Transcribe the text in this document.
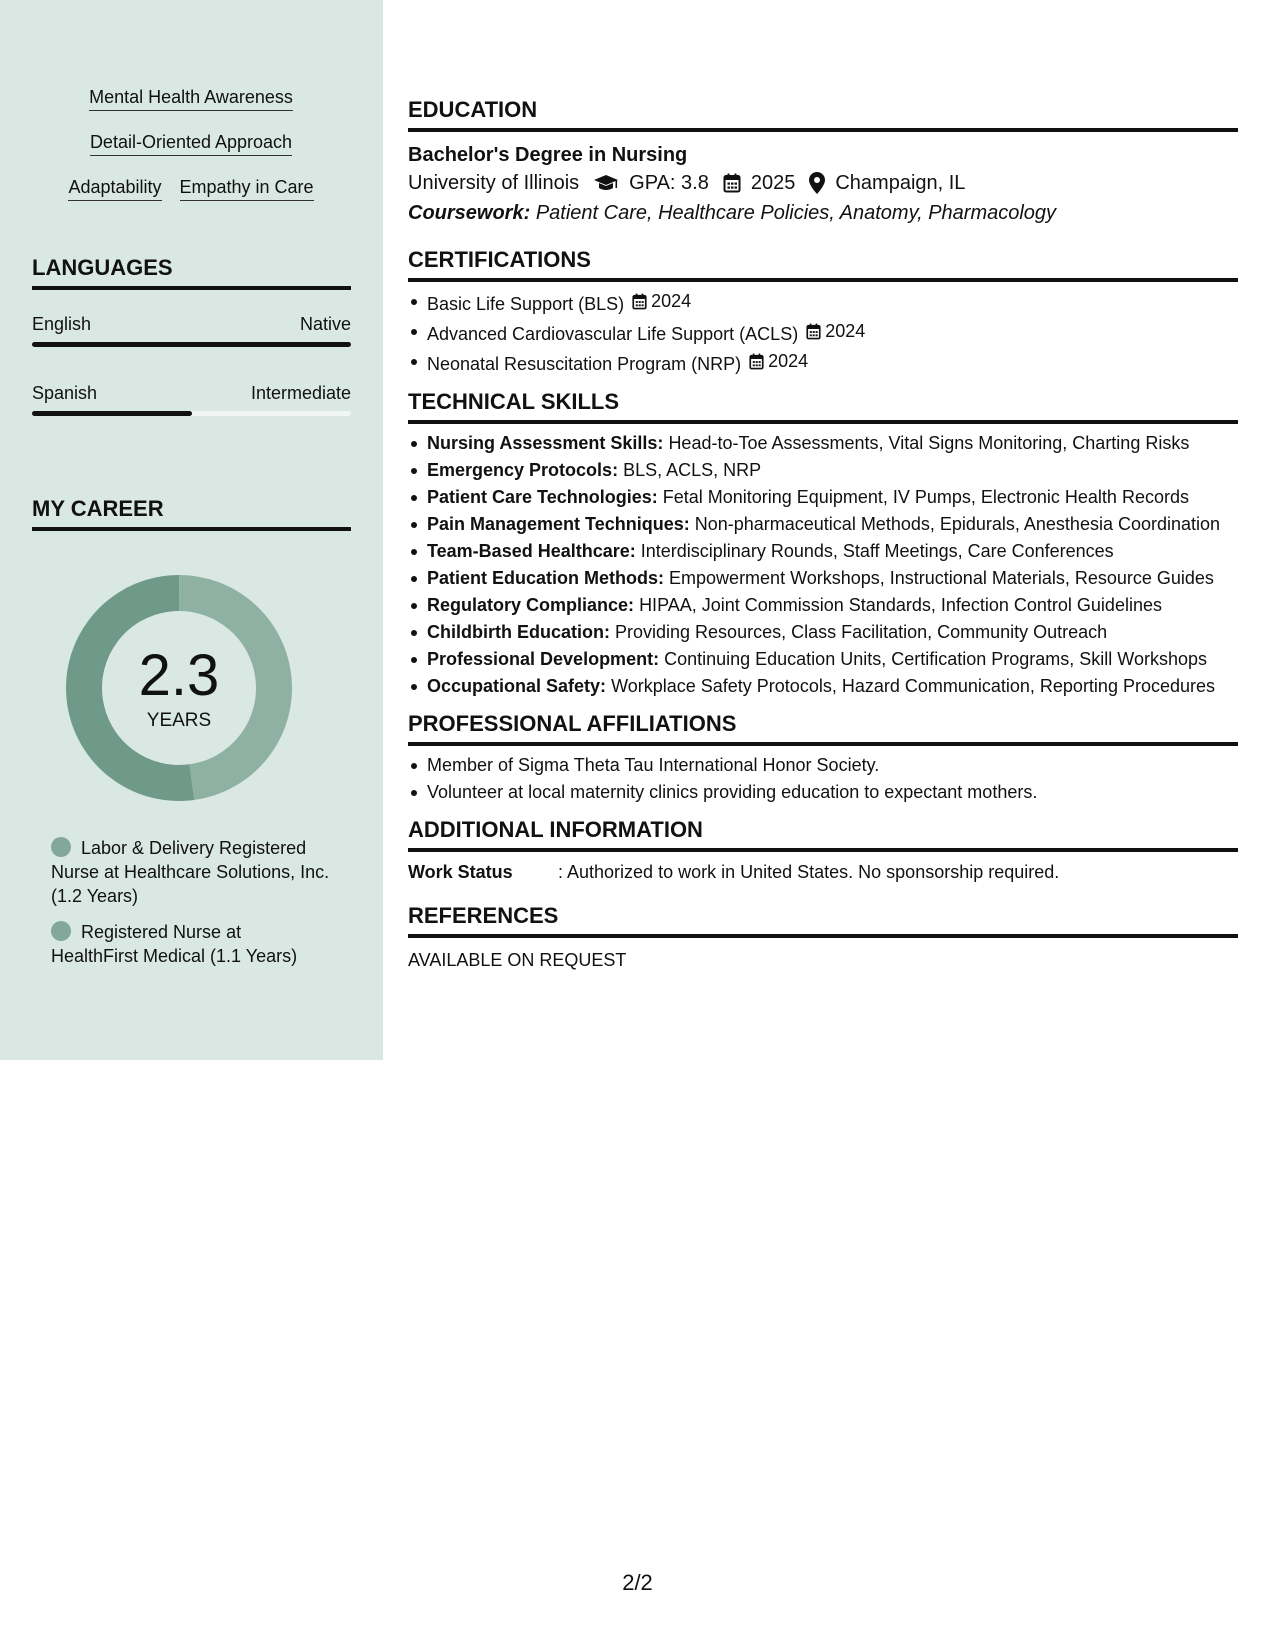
Mental Health Awareness
Detail-Oriented Approach
Adaptability Empathy in Care
LANGUAGES
English	Native
Spanish	Intermediate
MY CAREER
2.3
YEARS
Labor & Delivery Registered Nurse at Healthcare Solutions, Inc. (1.2 Years)
Registered Nurse at HealthFirst Medical (1.1 Years)
EDUCATION
Bachelor's Degree in Nursing
University of Illinois	GPA: 3.8 2025 Champaign, IL
Coursework: Patient Care, Healthcare Policies, Anatomy, Pharmacology
CERTIFICATIONS
Basic Life Support (BLS) 2024
Advanced Cardiovascular Life Support (ACLS) 2024
Neonatal Resuscitation Program (NRP) 2024
TECHNICAL SKILLS
Nursing Assessment Skills: Head-to-Toe Assessments, Vital Signs Monitoring, Charting Risks
Emergency Protocols: BLS, ACLS, NRP
Patient Care Technologies: Fetal Monitoring Equipment, IV Pumps, Electronic Health Records
Pain Management Techniques: Non-pharmaceutical Methods, Epidurals, Anesthesia Coordination
Team-Based Healthcare: Interdisciplinary Rounds, Staff Meetings, Care Conferences
Patient Education Methods: Empowerment Workshops, Instructional Materials, Resource Guides
Regulatory Compliance: HIPAA, Joint Commission Standards, Infection Control Guidelines
Childbirth Education: Providing Resources, Class Facilitation, Community Outreach
Professional Development: Continuing Education Units, Certification Programs, Skill Workshops
Occupational Safety: Workplace Safety Protocols, Hazard Communication, Reporting Procedures
PROFESSIONAL AFFILIATIONS
Member of Sigma Theta Tau International Honor Society.
Volunteer at local maternity clinics providing education to expectant mothers.
ADDITIONAL INFORMATION
Work Status	: Authorized to work in United States. No sponsorship required.
REFERENCES
AVAILABLE ON REQUEST
2/2
